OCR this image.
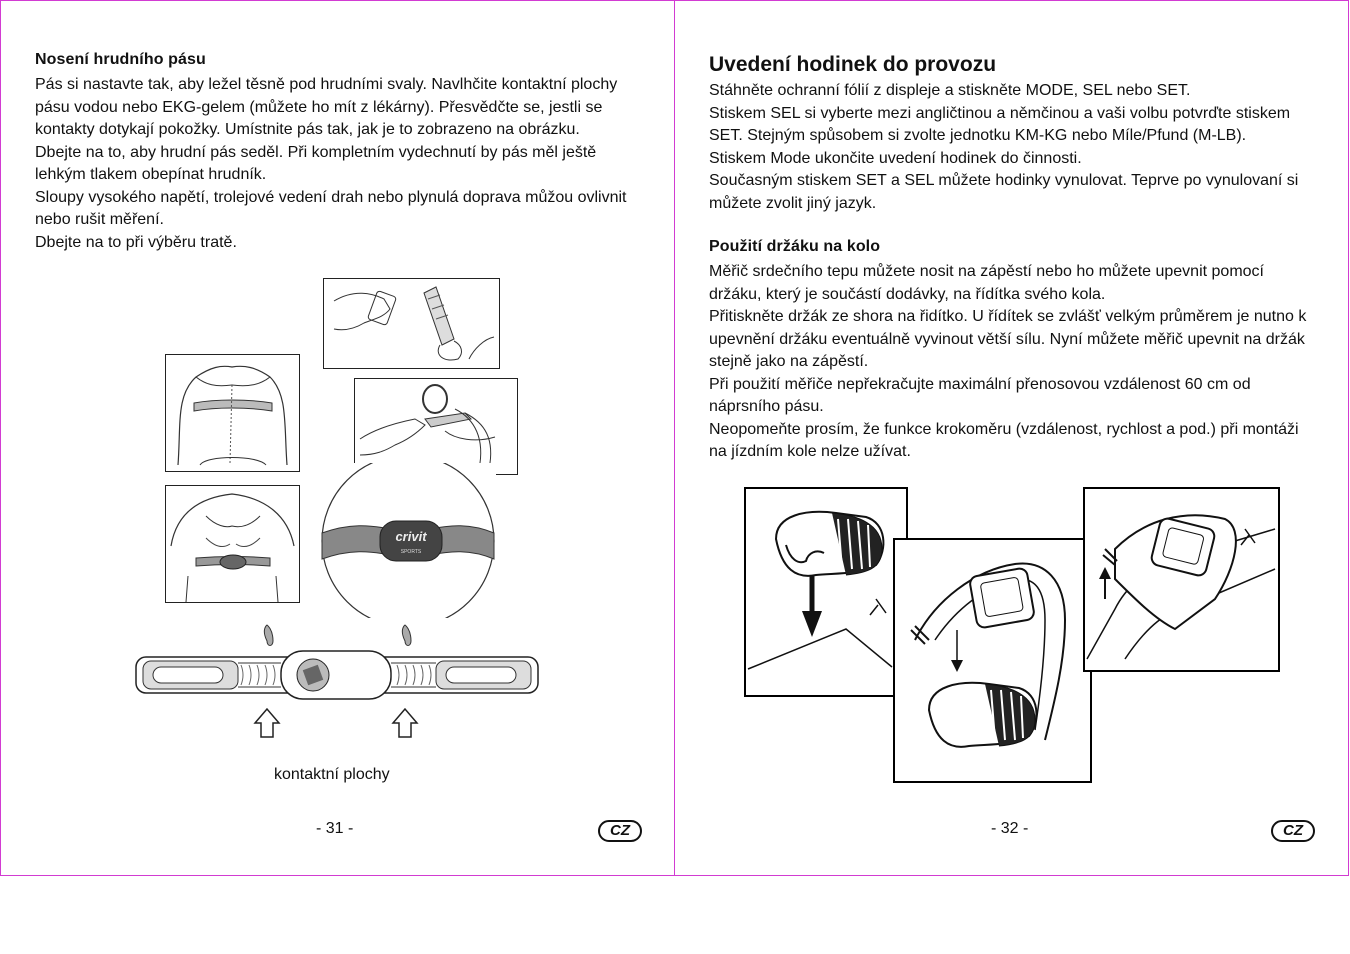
Nosení hrudního pásu

Pás si nastavte tak, aby ležel těsně pod hrudními svaly. Navlhčite kontaktní plochy pásu vodou nebo EKG-gelem (můžete ho mít z lékárny). Přesvědčte se, jestli se kontakty dotykají pokožky. Umístnite pás tak, jak je to zobrazeno na obrázku.

Dbejte na to, aby hrudní pás seděl. Při kompletním vydechnutí by pás měl ještě lehkým tlakem obepínat hrudník.

Sloupy vysokého napětí, trolejové vedení drah nebo plynulá doprava můžou ovlivnit nebo rušit měření.

Dbejte na to při výběru tratě.

crivit
SPORTS
kontaktní plochy
- 31 -	CZ
Uvedení hodinek do provozu

Stáhněte ochranní fólií z displeje a stiskněte MODE, SEL nebo SET.

Stiskem SEL si vyberte mezi angličtinou a němčinou a vaši volbu potvrďte stiskem SET. Stejným spůsobem si zvolte jednotku KM-KG nebo Míle/Pfund (M-LB).

Stiskem Mode ukončite uvedení hodinek do činnosti.

Současným stiskem SET a SEL můžete hodinky vynulovat. Teprve po vynulovaní si můžete zvolit jiný jazyk.

Použití držáku na kolo

Měřič srdečního tepu můžete nosit na zápěstí nebo ho můžete upevnit pomocí držáku, který je součástí dodávky, na řídítka svého kola.

Přitiskněte držák ze shora na řidítko. U řídítek se zvlášť velkým průměrem je nutno k upevnění držáku eventuálně vyvinout větší sílu. Nyní můžete měřič upevnit na držák stejně jako na zápěstí.

Při použití měřiče nepřekračujte maximální přenosovou vzdálenost 60 cm od náprsního pásu.

Neopomeňte prosím, že funkce krokoměru (vzdálenost, rychlost a pod.) při montáži na jízdním kole nelze užívat.

- 32 -	CZ
